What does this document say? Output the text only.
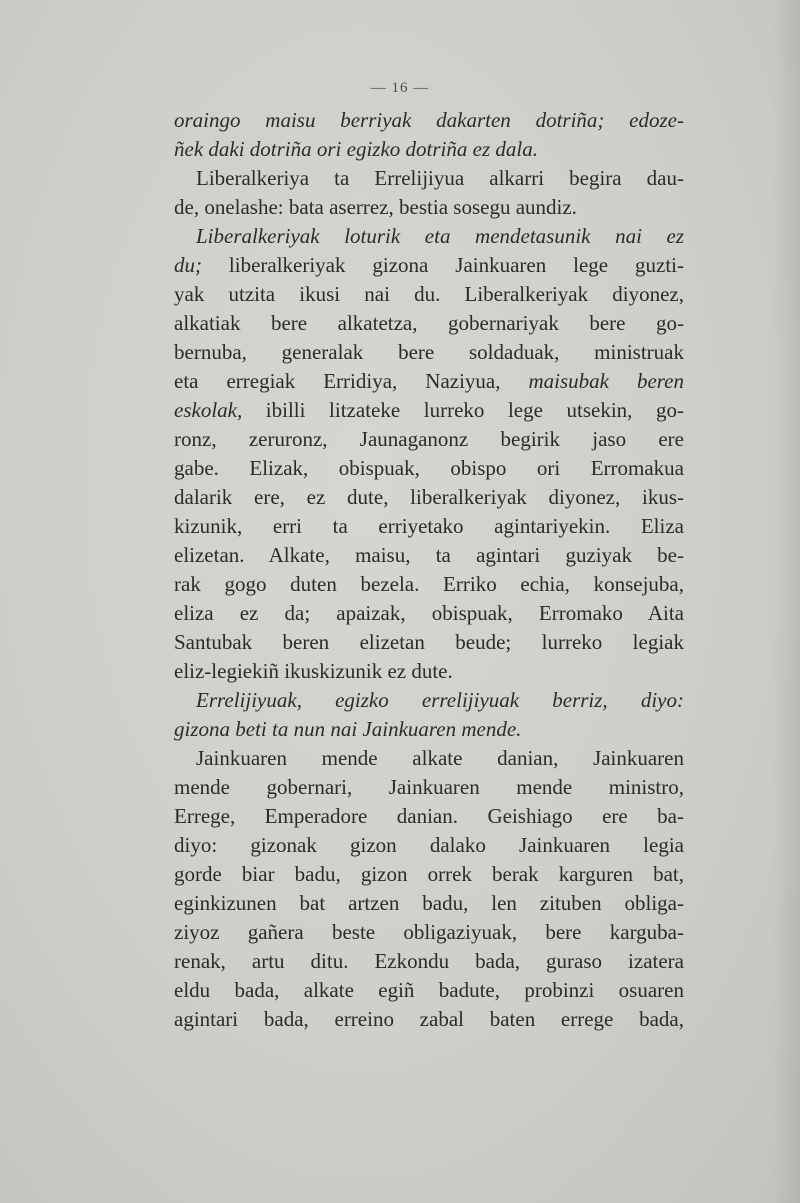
— 16 —
oraingo maisu berriyak dakarten dotriña; edoze-
ñek daki dotriña ori egizko dotriña ez dala.
Liberalkeriya ta Errelijiyua alkarri begira dau-
de, onelashe: bata aserrez, bestia sosegu aundiz.
Liberalkeriyak loturik eta mendetasunik nai ez
du; liberalkeriyak gizona Jainkuaren lege guzti-
yak utzita ikusi nai du. Liberalkeriyak diyonez,
alkatiak bere alkatetza, gobernariyak bere go-
bernuba, generalak bere soldaduak, ministruak
eta erregiak Erridiya, Naziyua, maisubak beren
eskolak, ibilli litzateke lurreko lege utsekin, go-
ronz, zeruronz, Jaunaganonz begirik jaso ere
gabe. Elizak, obispuak, obispo ori Erromakua
dalarik ere, ez dute, liberalkeriyak diyonez, ikus-
kizunik, erri ta erriyetako agintariyekin. Eliza
elizetan. Alkate, maisu, ta agintari guziyak be-
rak gogo duten bezela. Erriko echia, konsejuba,
eliza ez da; apaizak, obispuak, Erromako Aita
Santubak beren elizetan beude; lurreko legiak
eliz-legiekiñ ikuskizunik ez dute.
Errelijiyuak, egizko errelijiyuak berriz, diyo:
gizona beti ta nun nai Jainkuaren mende.
Jainkuaren mende alkate danian, Jainkuaren
mende gobernari, Jainkuaren mende ministro,
Errege, Emperadore danian. Geishiago ere ba-
diyo: gizonak gizon dalako Jainkuaren legia
gorde biar badu, gizon orrek berak karguren bat,
eginkizunen bat artzen badu, len zituben obliga-
ziyoz gañera beste obligaziyuak, bere karguba-
renak, artu ditu. Ezkondu bada, guraso izatera
eldu bada, alkate egiñ badute, probinzi osuaren
agintari bada, erreino zabal baten errege bada,
